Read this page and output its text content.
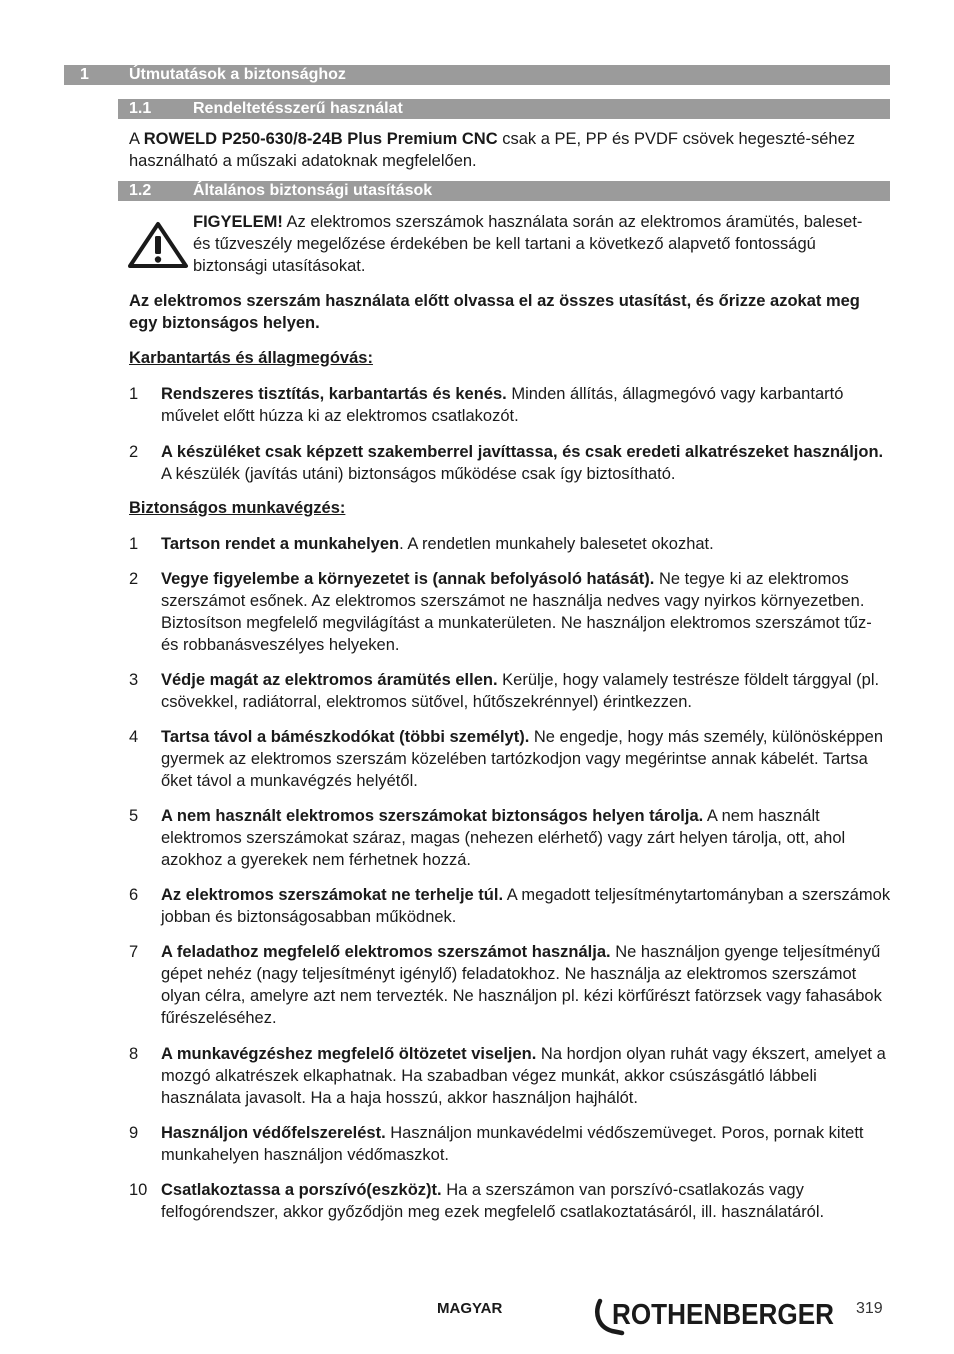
1	Útmutatások a biztonsághoz
1.1	Rendeltetésszerű használat

A ROWELD P250-630/8-24B Plus Premium CNC csak a PE, PP és PVDF csövek hegeszté-séhez használható a műszaki adatoknak megfelelően.

1.2	Általános biztonsági utasítások

FIGYELEM! Az elektromos szerszámok használata során az elektromos áramütés, baleset- és tűzveszély megelőzése érdekében be kell tartani a következő alapvető fontosságú biztonsági utasításokat.

Az elektromos szerszám használata előtt olvassa el az összes utasítást, és őrizze azokat meg egy biztonságos helyen.

Karbantartás és állagmegóvás:

1 Rendszeres tisztítás, karbantartás és kenés. Minden állítás, állagmegóvó vagy karbantartó művelet előtt húzza ki az elektromos csatlakozót.
2 A készüléket csak képzett szakemberrel javíttassa, és csak eredeti alkatrészeket használjon. A készülék (javítás utáni) biztonságos működése csak így biztosítható.

Biztonságos munkavégzés:

1 Tartson rendet a munkahelyen. A rendetlen munkahely balesetet okozhat.
2 Vegye figyelembe a környezetet is (annak befolyásoló hatását). Ne tegye ki az elektromos szerszámot esőnek. Az elektromos szerszámot ne használja nedves vagy nyirkos környezetben. Biztosítson megfelelő megvilágítást a munkaterületen. Ne használjon elektromos szerszámot tűz- és robbanásveszélyes helyeken.
3 Védje magát az elektromos áramütés ellen. Kerülje, hogy valamely testrésze földelt tárggyal (pl. csövekkel, radiátorral, elektromos sütővel, hűtőszekrénnyel) érintkezzen.
4 Tartsa távol a bámészkodókat (többi személyt). Ne engedje, hogy más személy, különösképpen gyermek az elektromos szerszám közelében tartózkodjon vagy megérintse annak kábelét. Tartsa őket távol a munkavégzés helyétől.
5 A nem használt elektromos szerszámokat biztonságos helyen tárolja. A nem használt elektromos szerszámokat száraz, magas (nehezen elérhető) vagy zárt helyen tárolja, ott, ahol azokhoz a gyerekek nem férhetnek hozzá.
6 Az elektromos szerszámokat ne terhelje túl. A megadott teljesítménytartományban a szerszámok jobban és biztonságosabban működnek.
7 A feladathoz megfelelő elektromos szerszámot használja. Ne használjon gyenge teljesítményű gépet nehéz (nagy teljesítményt igénylő) feladatokhoz. Ne használja az elektromos szerszámot olyan célra, amelyre azt nem tervezték. Ne használjon pl. kézi körfűrészt fatörzsek vagy fahasábok fűrészeléséhez.
8 A munkavégzéshez megfelelő öltözetet viseljen. Na hordjon olyan ruhát vagy ékszert, amelyet a mozgó alkatrészek elkaphatnak. Ha szabadban végez munkát, akkor csúszásgátló lábbeli használata javasolt. Ha a haja hosszú, akkor használjon hajhálót.
9 Használjon védőfelszerelést. Használjon munkavédelmi védőszemüveget. Poros, pornak kitett munkahelyen használjon védőmaszkot.
10 Csatlakoztassa a porszívó(eszköz)t. Ha a szerszámon van porszívó-csatlakozás vagy felfogórendszer, akkor győződjön meg ezek megfelelő csatlakoztatásáról, ill. használatáról.
MAGYAR	ROTHENBERGER 319
